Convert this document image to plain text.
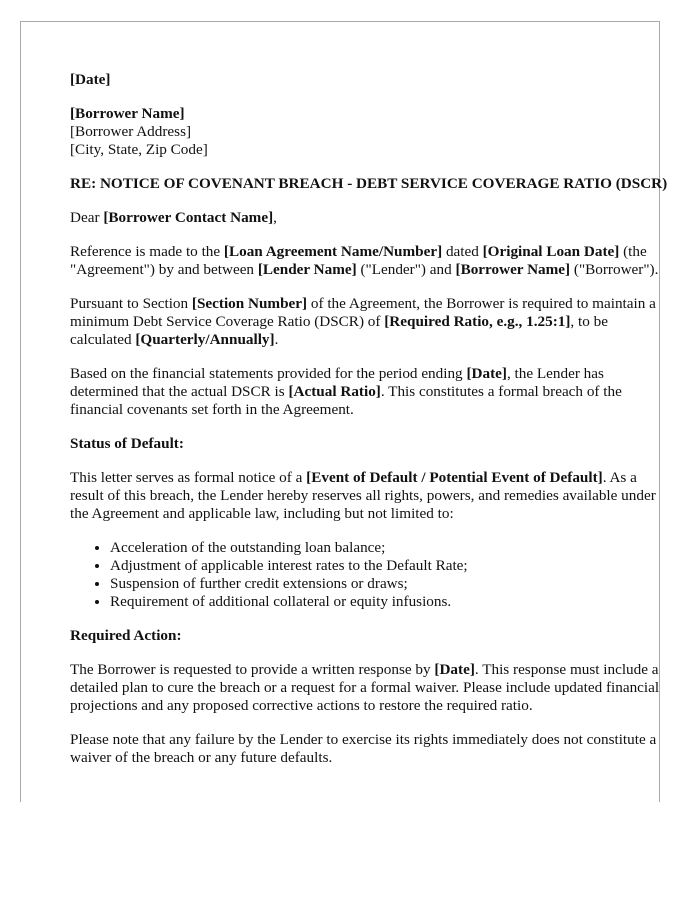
[Date]

[Borrower Name]
[Borrower Address]
[City, State, Zip Code]

RE: NOTICE OF COVENANT BREACH - DEBT SERVICE COVERAGE RATIO (DSCR)

Dear [Borrower Contact Name],

Reference is made to the [Loan Agreement Name/Number] dated [Original Loan Date] (the "Agreement") by and between [Lender Name] ("Lender") and [Borrower Name] ("Borrower").

Pursuant to Section [Section Number] of the Agreement, the Borrower is required to maintain a minimum Debt Service Coverage Ratio (DSCR) of [Required Ratio, e.g., 1.25:1], to be calculated [Quarterly/Annually].

Based on the financial statements provided for the period ending [Date], the Lender has determined that the actual DSCR is [Actual Ratio]. This constitutes a formal breach of the financial covenants set forth in the Agreement.

Status of Default:

This letter serves as formal notice of a [Event of Default / Potential Event of Default]. As a result of this breach, the Lender hereby reserves all rights, powers, and remedies available under the Agreement and applicable law, including but not limited to:

• Acceleration of the outstanding loan balance;
• Adjustment of applicable interest rates to the Default Rate;
• Suspension of further credit extensions or draws;
• Requirement of additional collateral or equity infusions.

Required Action:

The Borrower is requested to provide a written response by [Date]. This response must include a detailed plan to cure the breach or a request for a formal waiver. Please include updated financial projections and any proposed corrective actions to restore the required ratio.

Please note that any failure by the Lender to exercise its rights immediately does not constitute a waiver of the breach or any future defaults.
